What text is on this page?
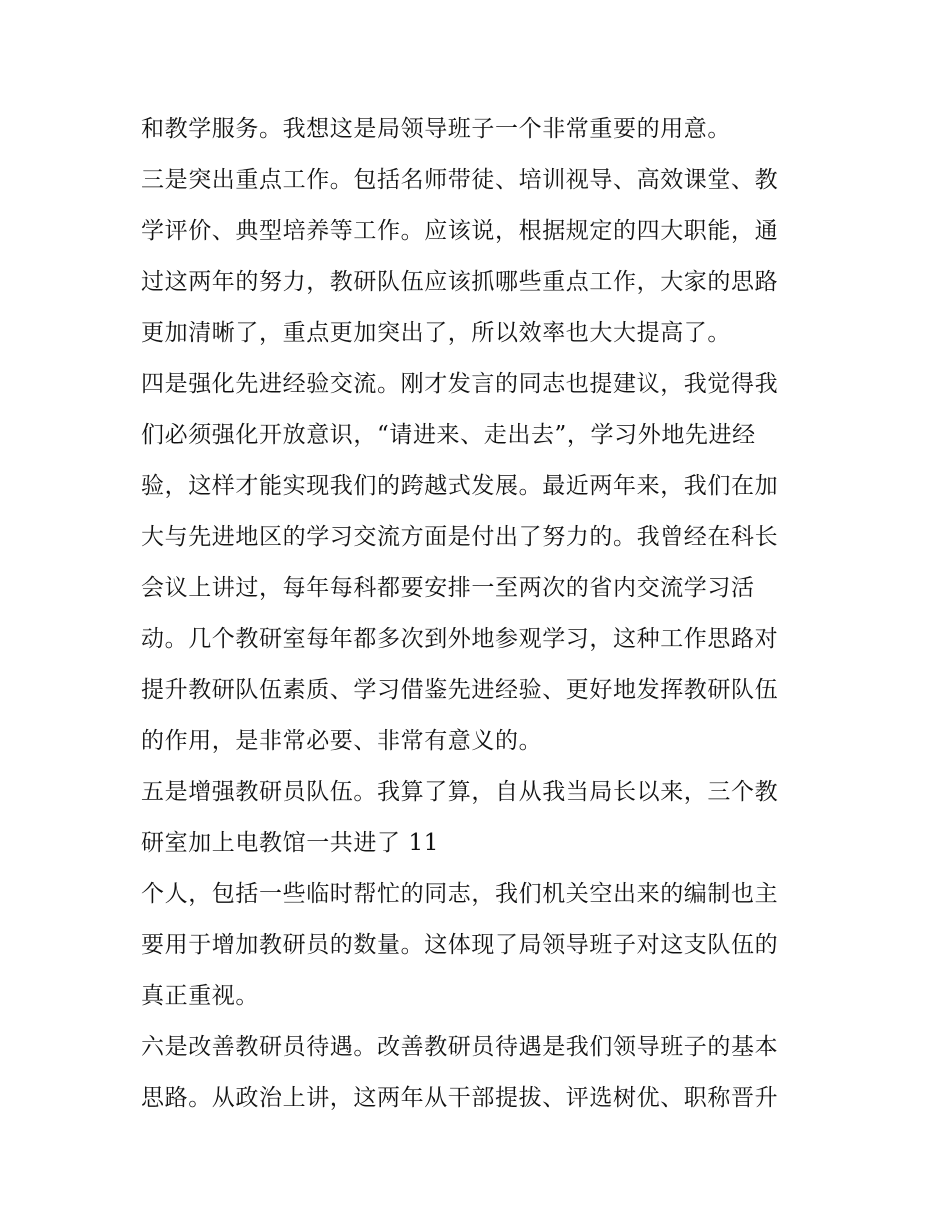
和教学服务。我想这是局领导班子一个非常重要的用意。
三是突出重点工作。包括名师带徒、培训视导、高效课堂、教
学评价、典型培养等工作。应该说，根据规定的四大职能，通
过这两年的努力，教研队伍应该抓哪些重点工作，大家的思路
更加清晰了，重点更加突出了，所以效率也大大提高了。
四是强化先进经验交流。刚才发言的同志也提建议，我觉得我
们必须强化开放意识，“请进来、走出去”，学习外地先进经
验，这样才能实现我们的跨越式发展。最近两年来，我们在加
大与先进地区的学习交流方面是付出了努力的。我曾经在科长
会议上讲过，每年每科都要安排一至两次的省内交流学习活
动。几个教研室每年都多次到外地参观学习，这种工作思路对
提升教研队伍素质、学习借鉴先进经验、更好地发挥教研队伍
的作用，是非常必要、非常有意义的。
五是增强教研员队伍。我算了算，自从我当局长以来，三个教
研室加上电教馆一共进了 11
个人，包括一些临时帮忙的同志，我们机关空出来的编制也主
要用于增加教研员的数量。这体现了局领导班子对这支队伍的
真正重视。
六是改善教研员待遇。改善教研员待遇是我们领导班子的基本
思路。从政治上讲，这两年从干部提拔、评选树优、职称晋升
